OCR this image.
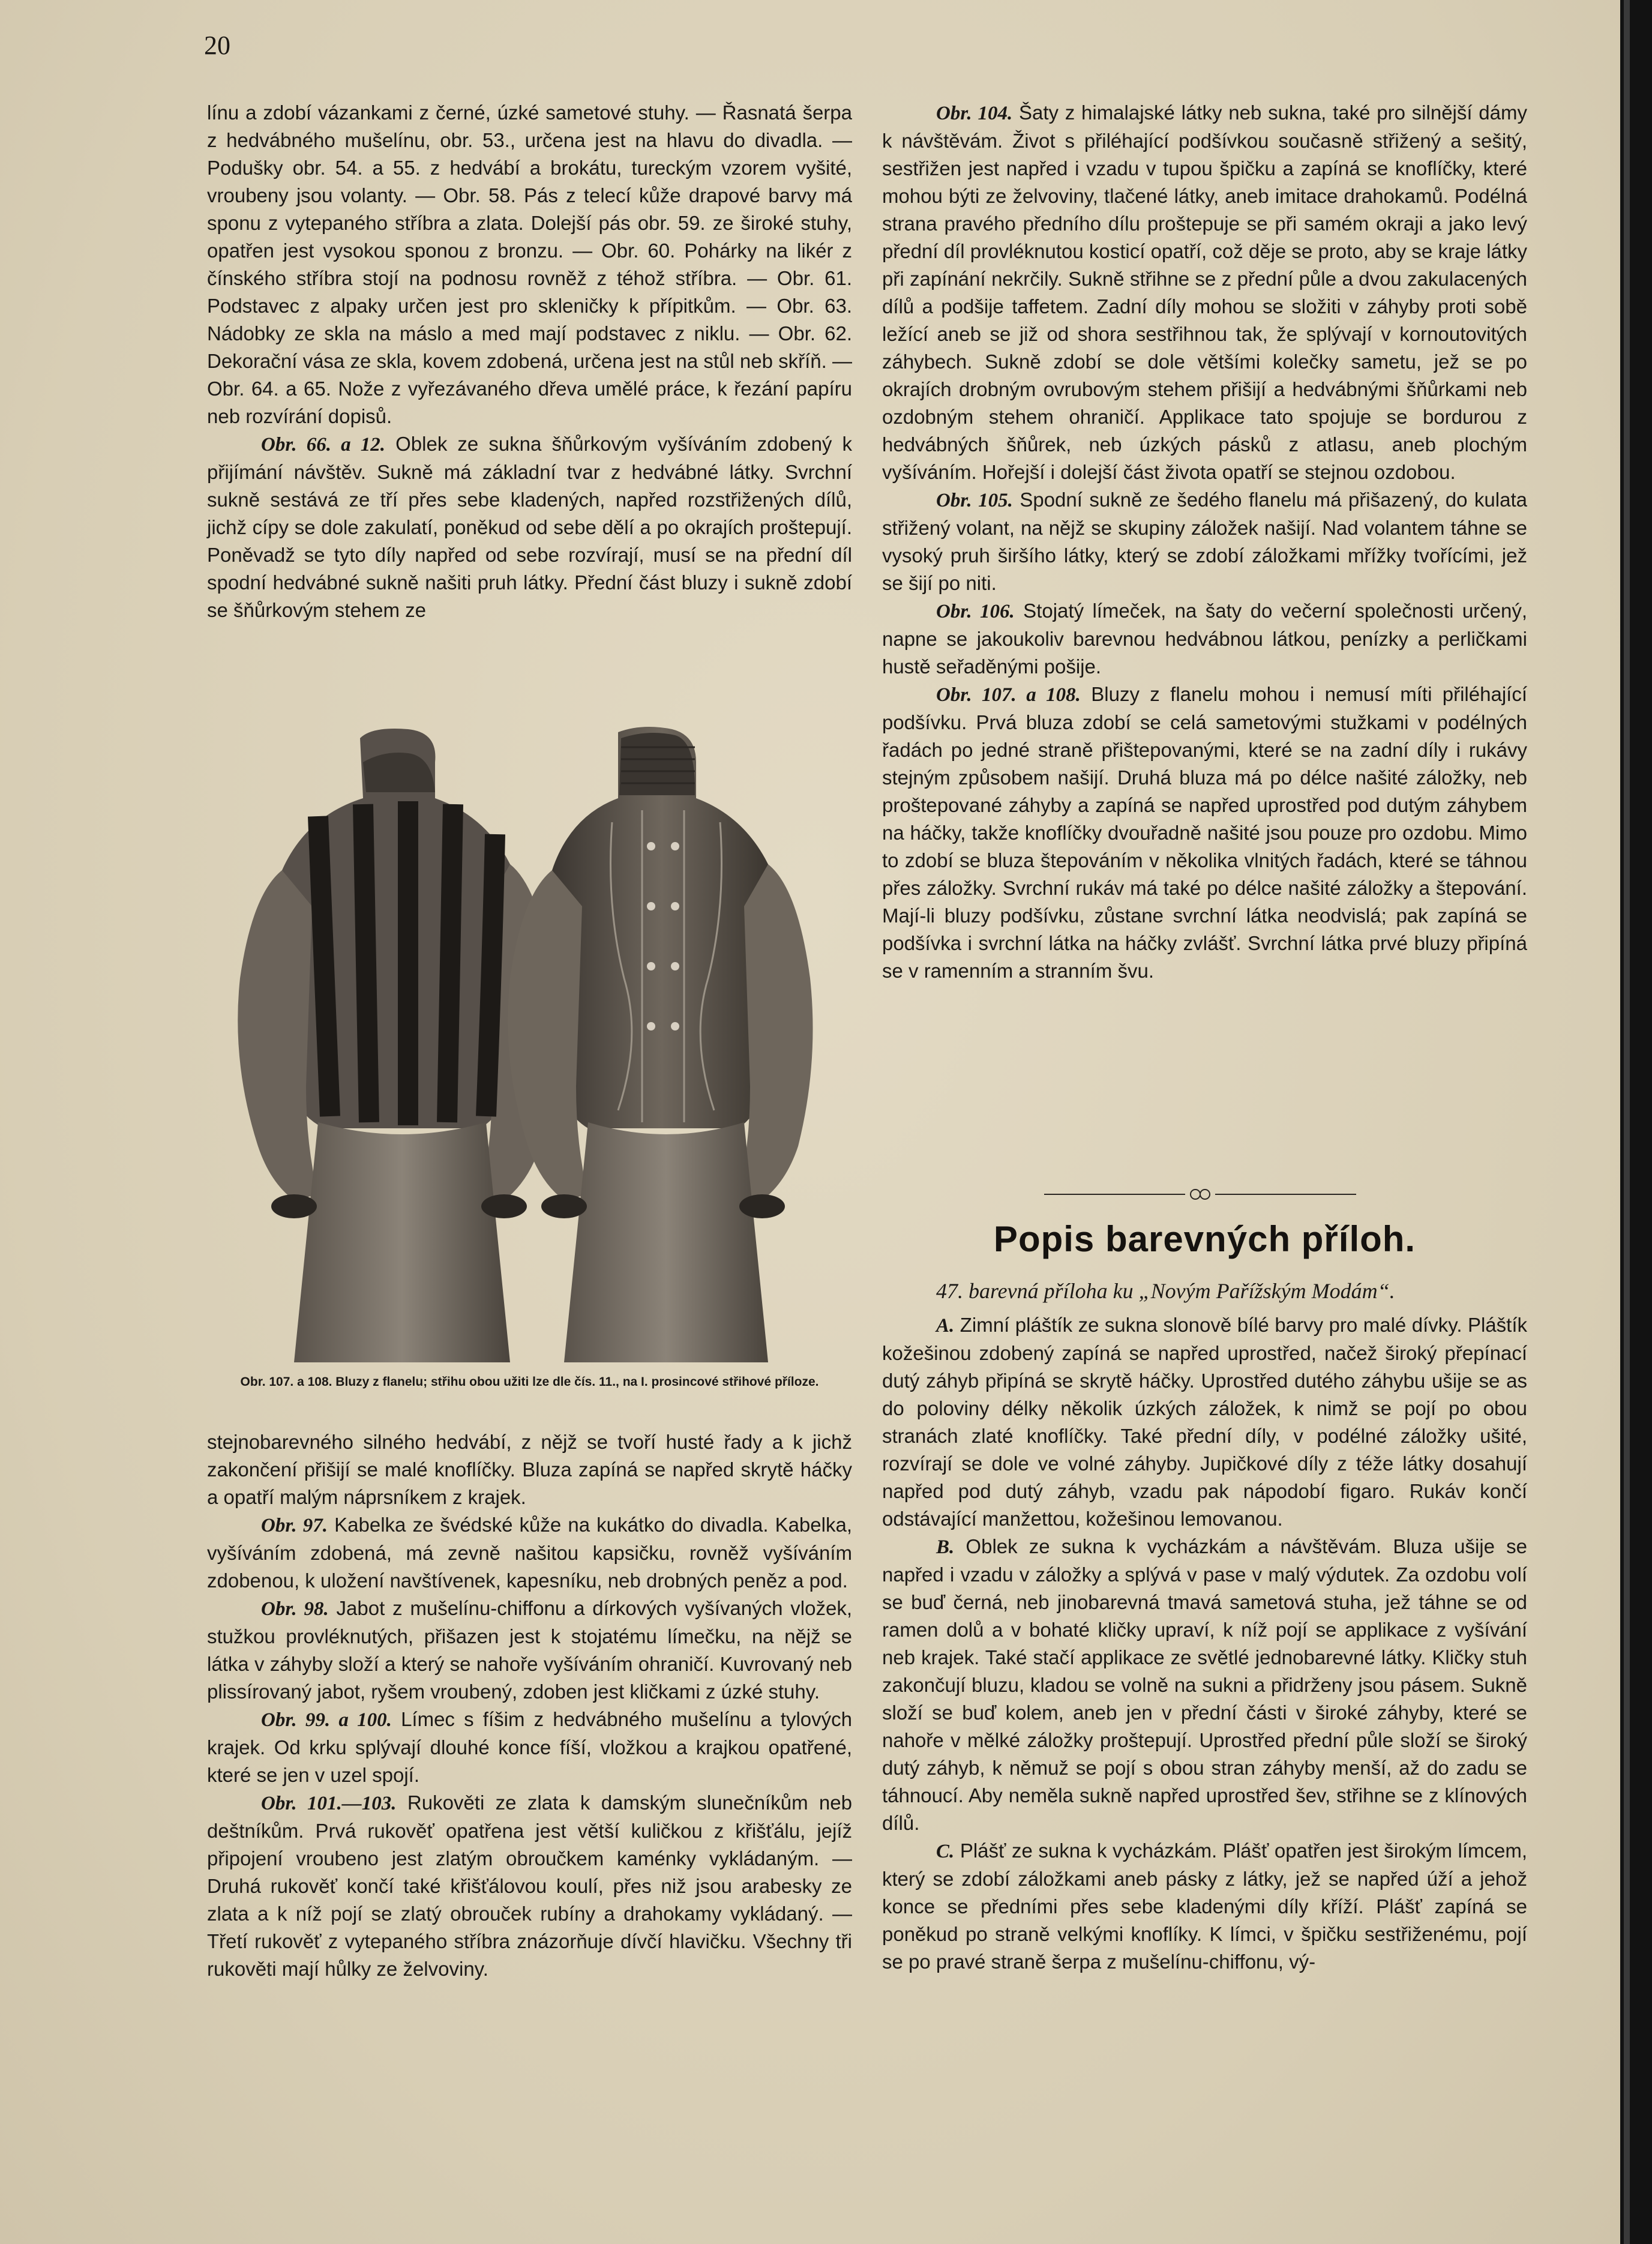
20

línu a zdobí vázankami z černé, úzké sametové stuhy. — Řasnatá šerpa z hedvábného mušelínu, obr. 53., určena jest na hlavu do divadla. — Podušky obr. 54. a 55. z hedvábí a brokátu, tureckým vzorem vyšité, vroubeny jsou volanty. — Obr. 58. Pás z telecí kůže drapové barvy má sponu z vytepaného stříbra a zlata. Dolejší pás obr. 59. ze široké stuhy, opatřen jest vysokou sponou z bronzu. — Obr. 60. Pohárky na likér z čínského stříbra stojí na podnosu rovněž z téhož stříbra. — Obr. 61. Podstavec z alpaky určen jest pro skleničky k přípitkům. — Obr. 63. Nádobky ze skla na máslo a med mají podstavec z niklu. — Obr. 62. Dekorační vása ze skla, kovem zdobená, určena jest na stůl neb skříň. — Obr. 64. a 65. Nože z vyřezávaného dřeva umělé práce, k řezání papíru neb rozvírání dopisů.

Obr. 66. a 12. Oblek ze sukna šňůrkovým vyšíváním zdobený k přijímání návštěv. Sukně má základní tvar z hedvábné látky. Svrchní sukně sestává ze tří přes sebe kladených, napřed rozstřižených dílů, jichž cípy se dole zakulatí, poněkud od sebe dělí a po okrajích proštepují. Poněvadž se tyto díly napřed od sebe rozvírají, musí se na přední díl spodní hedvábné sukně našiti pruh látky. Přední část bluzy i sukně zdobí se šňůrkovým stehem ze

Obr. 107. a 108. Bluzy z flanelu; střihu obou užiti lze dle čís. 11., na I. prosincové střihové příloze.

stejnobarevného silného hedvábí, z nějž se tvoří husté řady a k jichž zakončení přišijí se malé knoflíčky. Bluza zapíná se napřed skrytě háčky a opatří malým náprsníkem z krajek.

Obr. 97. Kabelka ze švédské kůže na kukátko do divadla. Kabelka, vyšíváním zdobená, má zevně našitou kapsičku, rovněž vyšíváním zdobenou, k uložení navštívenek, kapesníku, neb drobných peněz a pod.

Obr. 98. Jabot z mušelínu-chiffonu a dírkových vyšívaných vložek, stužkou provléknutých, přišazen jest k stojatému límečku, na nějž se látka v záhyby složí a který se nahoře vyšíváním ohraničí. Kuvrovaný neb plissírovaný jabot, ryšem vroubený, zdoben jest kličkami z úzké stuhy.

Obr. 99. a 100. Límec s fíšim z hedvábného mušelínu a tylových krajek. Od krku splývají dlouhé konce fíší, vložkou a krajkou opatřené, které se jen v uzel spojí.

Obr. 101.—103. Rukověti ze zlata k damským slunečníkům neb deštníkům. Prvá rukověť opatřena jest větší kuličkou z křišťálu, jejíž připojení vroubeno jest zlatým obroučkem kaménky vykládaným. — Druhá rukověť končí také křišťálovou koulí, přes niž jsou arabesky ze zlata a k níž pojí se zlatý obrouček rubíny a drahokamy vykládaný. — Třetí rukověť z vytepaného stříbra znázorňuje dívčí hlavičku. Všechny tři rukověti mají hůlky ze želvoviny.

Obr. 104. Šaty z himalajské látky neb sukna, také pro silnější dámy k návštěvám. Život s přiléhající podšívkou současně střižený a sešitý, sestřižen jest napřed i vzadu v tupou špičku a zapíná se knoflíčky, které mohou býti ze želvoviny, tlačené látky, aneb imitace drahokamů. Podélná strana pravého předního dílu proštepuje se při samém okraji a jako levý přední díl provléknutou kosticí opatří, což děje se proto, aby se kraje látky při zapínání nekrčily. Sukně střihne se z přední půle a dvou zakulacených dílů a podšije taffetem. Zadní díly mohou se složiti v záhyby proti sobě ležící aneb se již od shora sestřihnou tak, že splývají v kornoutovitých záhybech. Sukně zdobí se dole většími kolečky sametu, jež se po okrajích drobným ovrubovým stehem přišijí a hedvábnými šňůrkami neb ozdobným stehem ohraničí. Applikace tato spojuje se bordurou z hedvábných šňůrek, neb úzkých pásků z atlasu, aneb plochým vyšíváním. Hořejší i dolejší část života opatří se stejnou ozdobou.

Obr. 105. Spodní sukně ze šedého flanelu má přišazený, do kulata střižený volant, na nějž se skupiny záložek našijí. Nad volantem táhne se vysoký pruh širšího látky, který se zdobí záložkami mřížky tvořícími, jež se šijí po niti.

Obr. 106. Stojatý límeček, na šaty do večerní společnosti určený, napne se jakoukoliv barevnou hedvábnou látkou, penízky a perličkami hustě seřaděnými pošije.

Obr. 107. a 108. Bluzy z flanelu mohou i nemusí míti přiléhající podšívku. Prvá bluza zdobí se celá sametovými stužkami v podélných řadách po jedné straně přištepovanými, které se na zadní díly i rukávy stejným způsobem našijí. Druhá bluza má po délce našité záložky, neb proštepované záhyby a zapíná se napřed uprostřed pod dutým záhybem na háčky, takže knoflíčky dvouřadně našité jsou pouze pro ozdobu. Mimo to zdobí se bluza štepováním v několika vlnitých řadách, které se táhnou přes záložky. Svrchní rukáv má také po délce našité záložky a štepování. Mají-li bluzy podšívku, zůstane svrchní látka neodvislá; pak zapíná se podšívka i svrchní látka na háčky zvlášť. Svrchní látka prvé bluzy připíná se v ramenním a stranním švu.

Popis barevných příloh.
47. barevná příloha ku „Novým Pařížským Modám“.

A. Zimní pláštík ze sukna slonově bílé barvy pro malé dívky. Pláštík kožešinou zdobený zapíná se napřed uprostřed, načež široký přepínací dutý záhyb připíná se skrytě háčky. Uprostřed dutého záhybu ušije se as do poloviny délky několik úzkých záložek, k nimž se pojí po obou stranách zlaté knoflíčky. Také přední díly, v podélné záložky ušité, rozvírají se dole ve volné záhyby. Jupičkové díly z téže látky dosahují napřed pod dutý záhyb, vzadu pak nápodobí figaro. Rukáv končí odstávající manžettou, kožešinou lemovanou.

B. Oblek ze sukna k vycházkám a návštěvám. Bluza ušije se napřed i vzadu v záložky a splývá v pase v malý výdutek. Za ozdobu volí se buď černá, neb jinobarevná tmavá sametová stuha, jež táhne se od ramen dolů a v bohaté kličky upraví, k níž pojí se applikace z vyšívání neb krajek. Také stačí applikace ze světlé jednobarevné látky. Kličky stuh zakončují bluzu, kladou se volně na sukni a přidrženy jsou pásem. Sukně složí se buď kolem, aneb jen v přední části v široké záhyby, které se nahoře v mělké záložky proštepují. Uprostřed přední půle složí se široký dutý záhyb, k němuž se pojí s obou stran záhyby menší, až do zadu se táhnoucí. Aby neměla sukně napřed uprostřed šev, střihne se z klínových dílů.

C. Plášť ze sukna k vycházkám. Plášť opatřen jest širokým límcem, který se zdobí záložkami aneb pásky z látky, jež se napřed úží a jehož konce se předními přes sebe kladenými díly kříží. Plášť zapíná se poněkud po straně velkými knoflíky. K límci, v špičku sestřiženému, pojí se po pravé straně šerpa z mušelínu-chiffonu, vý-
